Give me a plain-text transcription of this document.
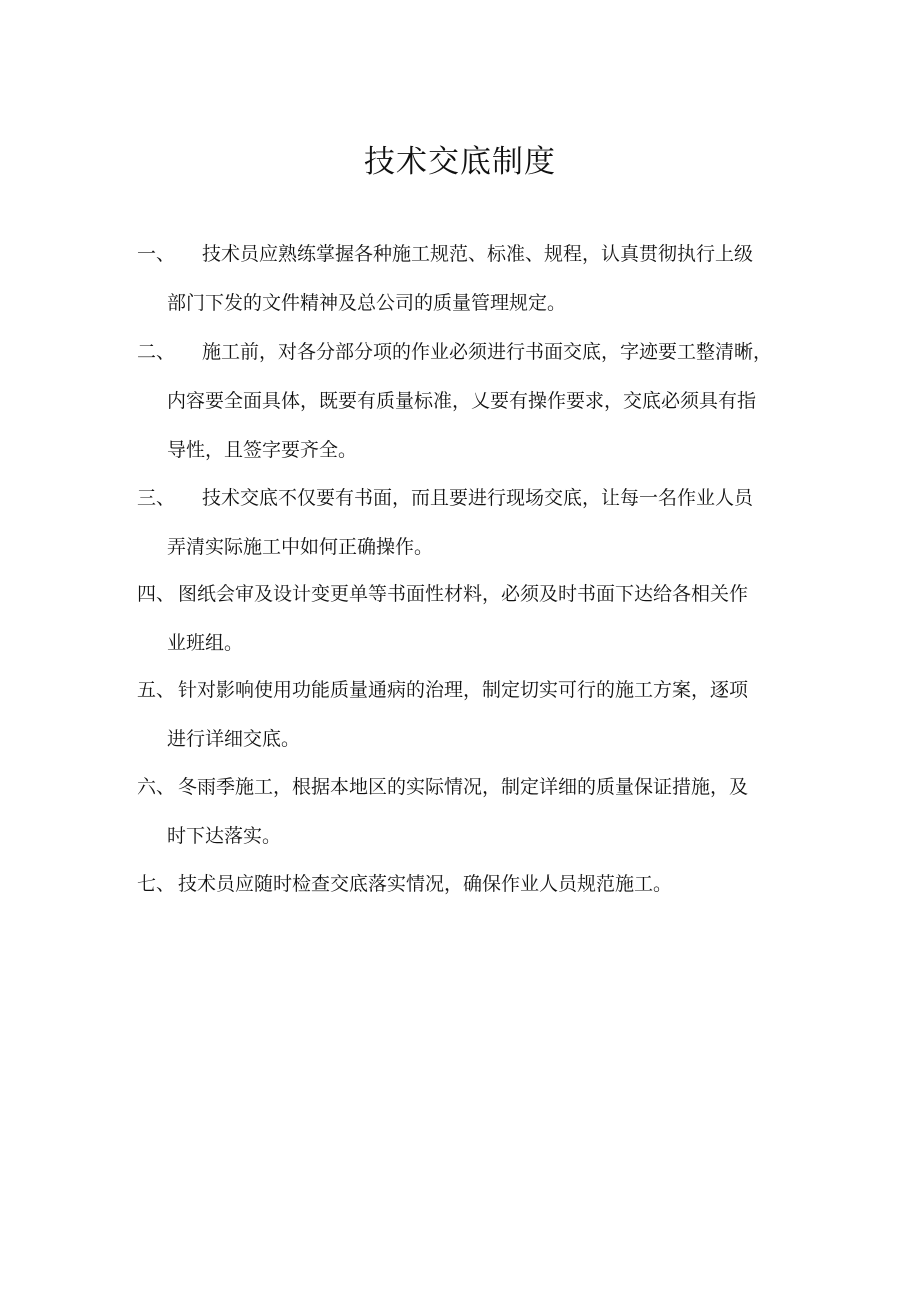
技术交底制度
一、	技术员应熟练掌握各种施工规范、标准、规程，认真贯彻执行上级
部门下发的文件精神及总公司的质量管理规定。
二、	施工前，对各分部分项的作业必须进行书面交底，字迹要工整清晰，
内容要全面具体，既要有质量标准，乂要有操作要求，交底必须具有指
导性，且签字要齐全。
三、	技术交底不仅要有书面，而且要进行现场交底，让每一名作业人员
弄清实际施工中如何正确操作。
四、 图纸会审及设计变更单等书面性材料，必须及时书面下达给各相关作
业班组。
五、 针对影响使用功能质量通病的治理，制定切实可行的施工方案，逐项
进行详细交底。
六、 冬雨季施工，根据本地区的实际情况，制定详细的质量保证措施，及
时下达落实。
七、 技术员应随时检查交底落实情况，确保作业人员规范施工。
